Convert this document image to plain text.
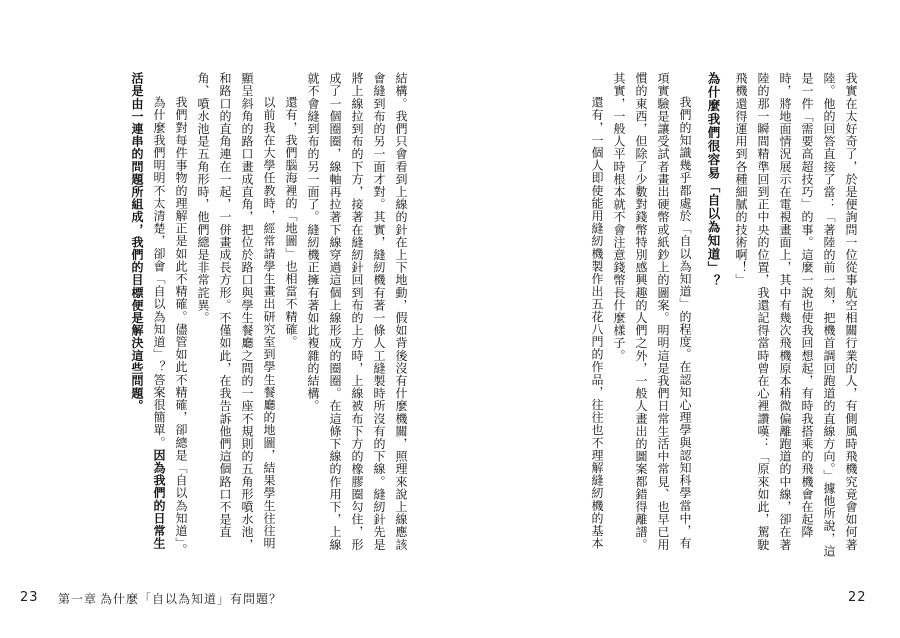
我實在太好奇了，於是便詢問一位從事航空相關行業的人，有側風時飛機究竟會如何著陸。他的回答直接了當：「著陸的前一刻，把機首調回跑道的直線方向。」據他所說，這是一件「需要高超技巧」的事。這麼一說也使我回想起，有時我搭乘的飛機會在起降時，將地面情況展示在電視畫面上，其中有幾次飛機原本稍微偏離跑道的中線，卻在著陸的那一瞬間精準回到正中央的位置，我還記得當時曾在心裡讚嘆：「原來如此，駕駛飛機還得運用到各種細膩的技術啊！」

為什麼我們很容易「自以為知道」？

我們的知識幾乎都處於「自以為知道」的程度。在認知心理學與認知科學當中，有項實驗是讓受試者畫出硬幣或紙鈔上的圖案。明明這是我們日常生活中常見、也早已用慣的東西，但除了少數對錢幣特別感興趣的人們之外，一般人畫出的圖案都錯得離譜。其實，一般人平時根本就不會注意錢幣長什麼樣子。

還有，一個人即使能用縫紉機製作出五花八門的作品，往往也不理解縫紉機的基本

22

結構。我們只會看到上線的針在上下地動，假如背後沒有什麼機關，照理來說上線應該會縫到布的另一面才對。其實，縫紉機有著一條人工縫製時所沒有的下線。縫紉針先是將上線拉到布的下方，接著在縫紉針回到布的上方時，上線被布下方的橡膠圈勾住，形成了一個圈圈，線軸再拉著下線穿過這個上線形成的圈圈。在這條下線的作用下，上線就不會縫到布的另一面了。縫紉機正擁有著如此複雜的結構。

還有，我們腦海裡的「地圖」也相當不精確。

以前我在大學任教時，經常請學生畫出研究室到學生餐廳的地圖，結果學生往往明顯呈斜角的路口畫成直角，把位於路口與學生餐廳之間的一座不規則的五角形噴水池，和路口的直角連在一起，一併畫成長方形。不僅如此，在我告訴他們這個路口不是直角、噴水池是五角形時，他們總是非常詫異。

我們對每件事物的理解正是如此不精確。儘管如此不精確，卻總是「自以為知道」。

為什麼我們明明不太清楚，卻會「自以為知道」？答案很簡單。因為我們的日常生活是由一連串的問題所組成，我們的目標便是解決這些問題。

23 第一章 為什麼「自以為知道」有問題？
